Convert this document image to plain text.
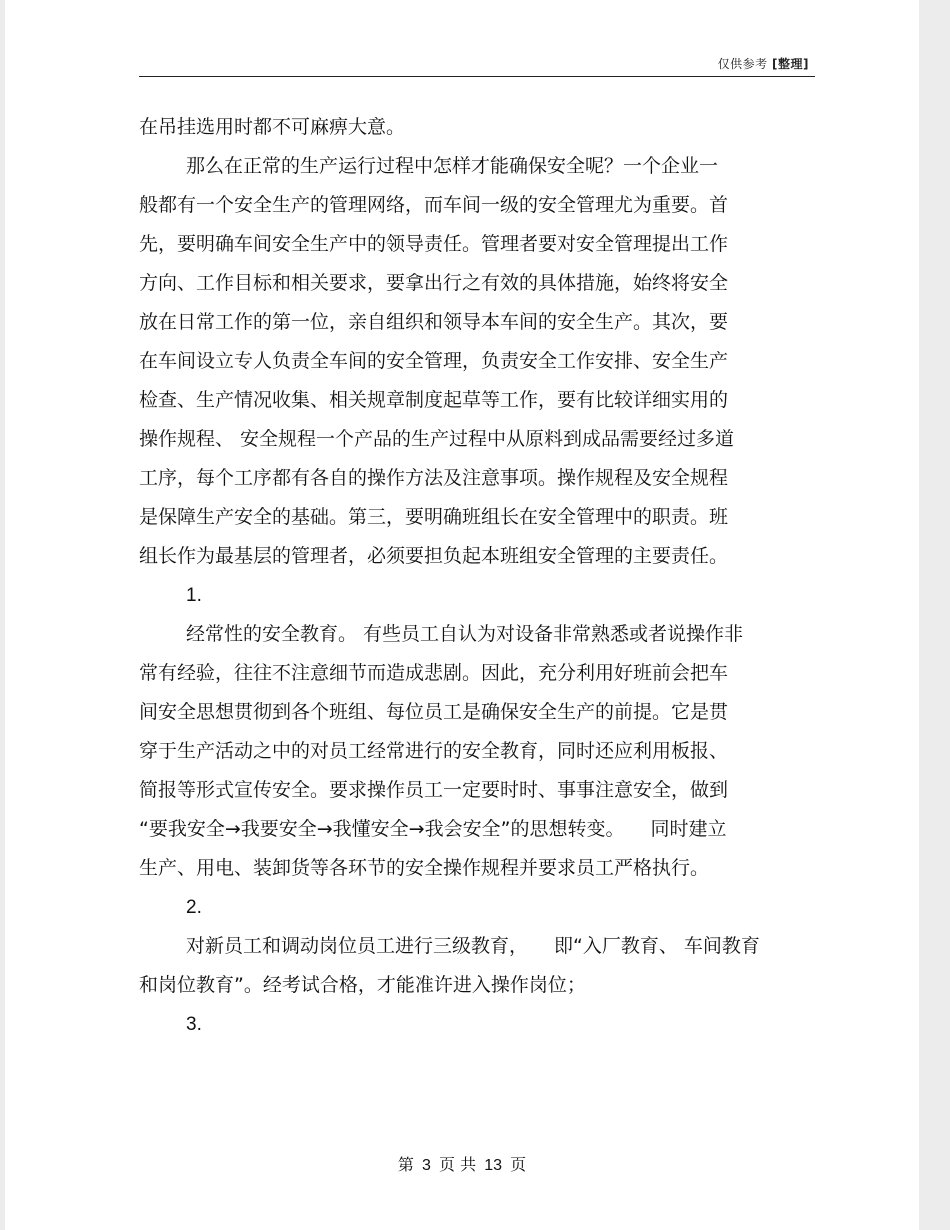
仅供参考 [整理]
在吊挂选用时都不可麻痹大意。
那么在正常的生产运行过程中怎样才能确保安全呢？一个企业一
般都有一个安全生产的管理网络，而车间一级的安全管理尤为重要。首
先，要明确车间安全生产中的领导责任。管理者要对安全管理提出工作
方向、工作目标和相关要求，要拿出行之有效的具体措施，始终将安全
放在日常工作的第一位，亲自组织和领导本车间的安全生产。其次，要
在车间设立专人负责全车间的安全管理，负责安全工作安排、安全生产
检查、生产情况收集、相关规章制度起草等工作，要有比较详细实用的
操作规程、 安全规程一个产品的生产过程中从原料到成品需要经过多道
工序，每个工序都有各自的操作方法及注意事项。操作规程及安全规程
是保障生产安全的基础。第三，要明确班组长在安全管理中的职责。班
组长作为最基层的管理者，必须要担负起本班组安全管理的主要责任。
1.
经常性的安全教育。 有些员工自认为对设备非常熟悉或者说操作非
常有经验，往往不注意细节而造成悲剧。因此，充分利用好班前会把车
间安全思想贯彻到各个班组、每位员工是确保安全生产的前提。它是贯
穿于生产活动之中的对员工经常进行的安全教育，同时还应利用板报、
简报等形式宣传安全。要求操作员工一定要时时、事事注意安全，做到
“要我安全→我要安全→我懂安全→我会安全”的思想转变。 同时建立
生产、用电、装卸货等各环节的安全操作规程并要求员工严格执行。
2.
对新员工和调动岗位员工进行三级教育， 即“入厂教育、 车间教育
和岗位教育”。经考试合格，才能准许进入操作岗位；
3.
第 3 页 共 13 页
